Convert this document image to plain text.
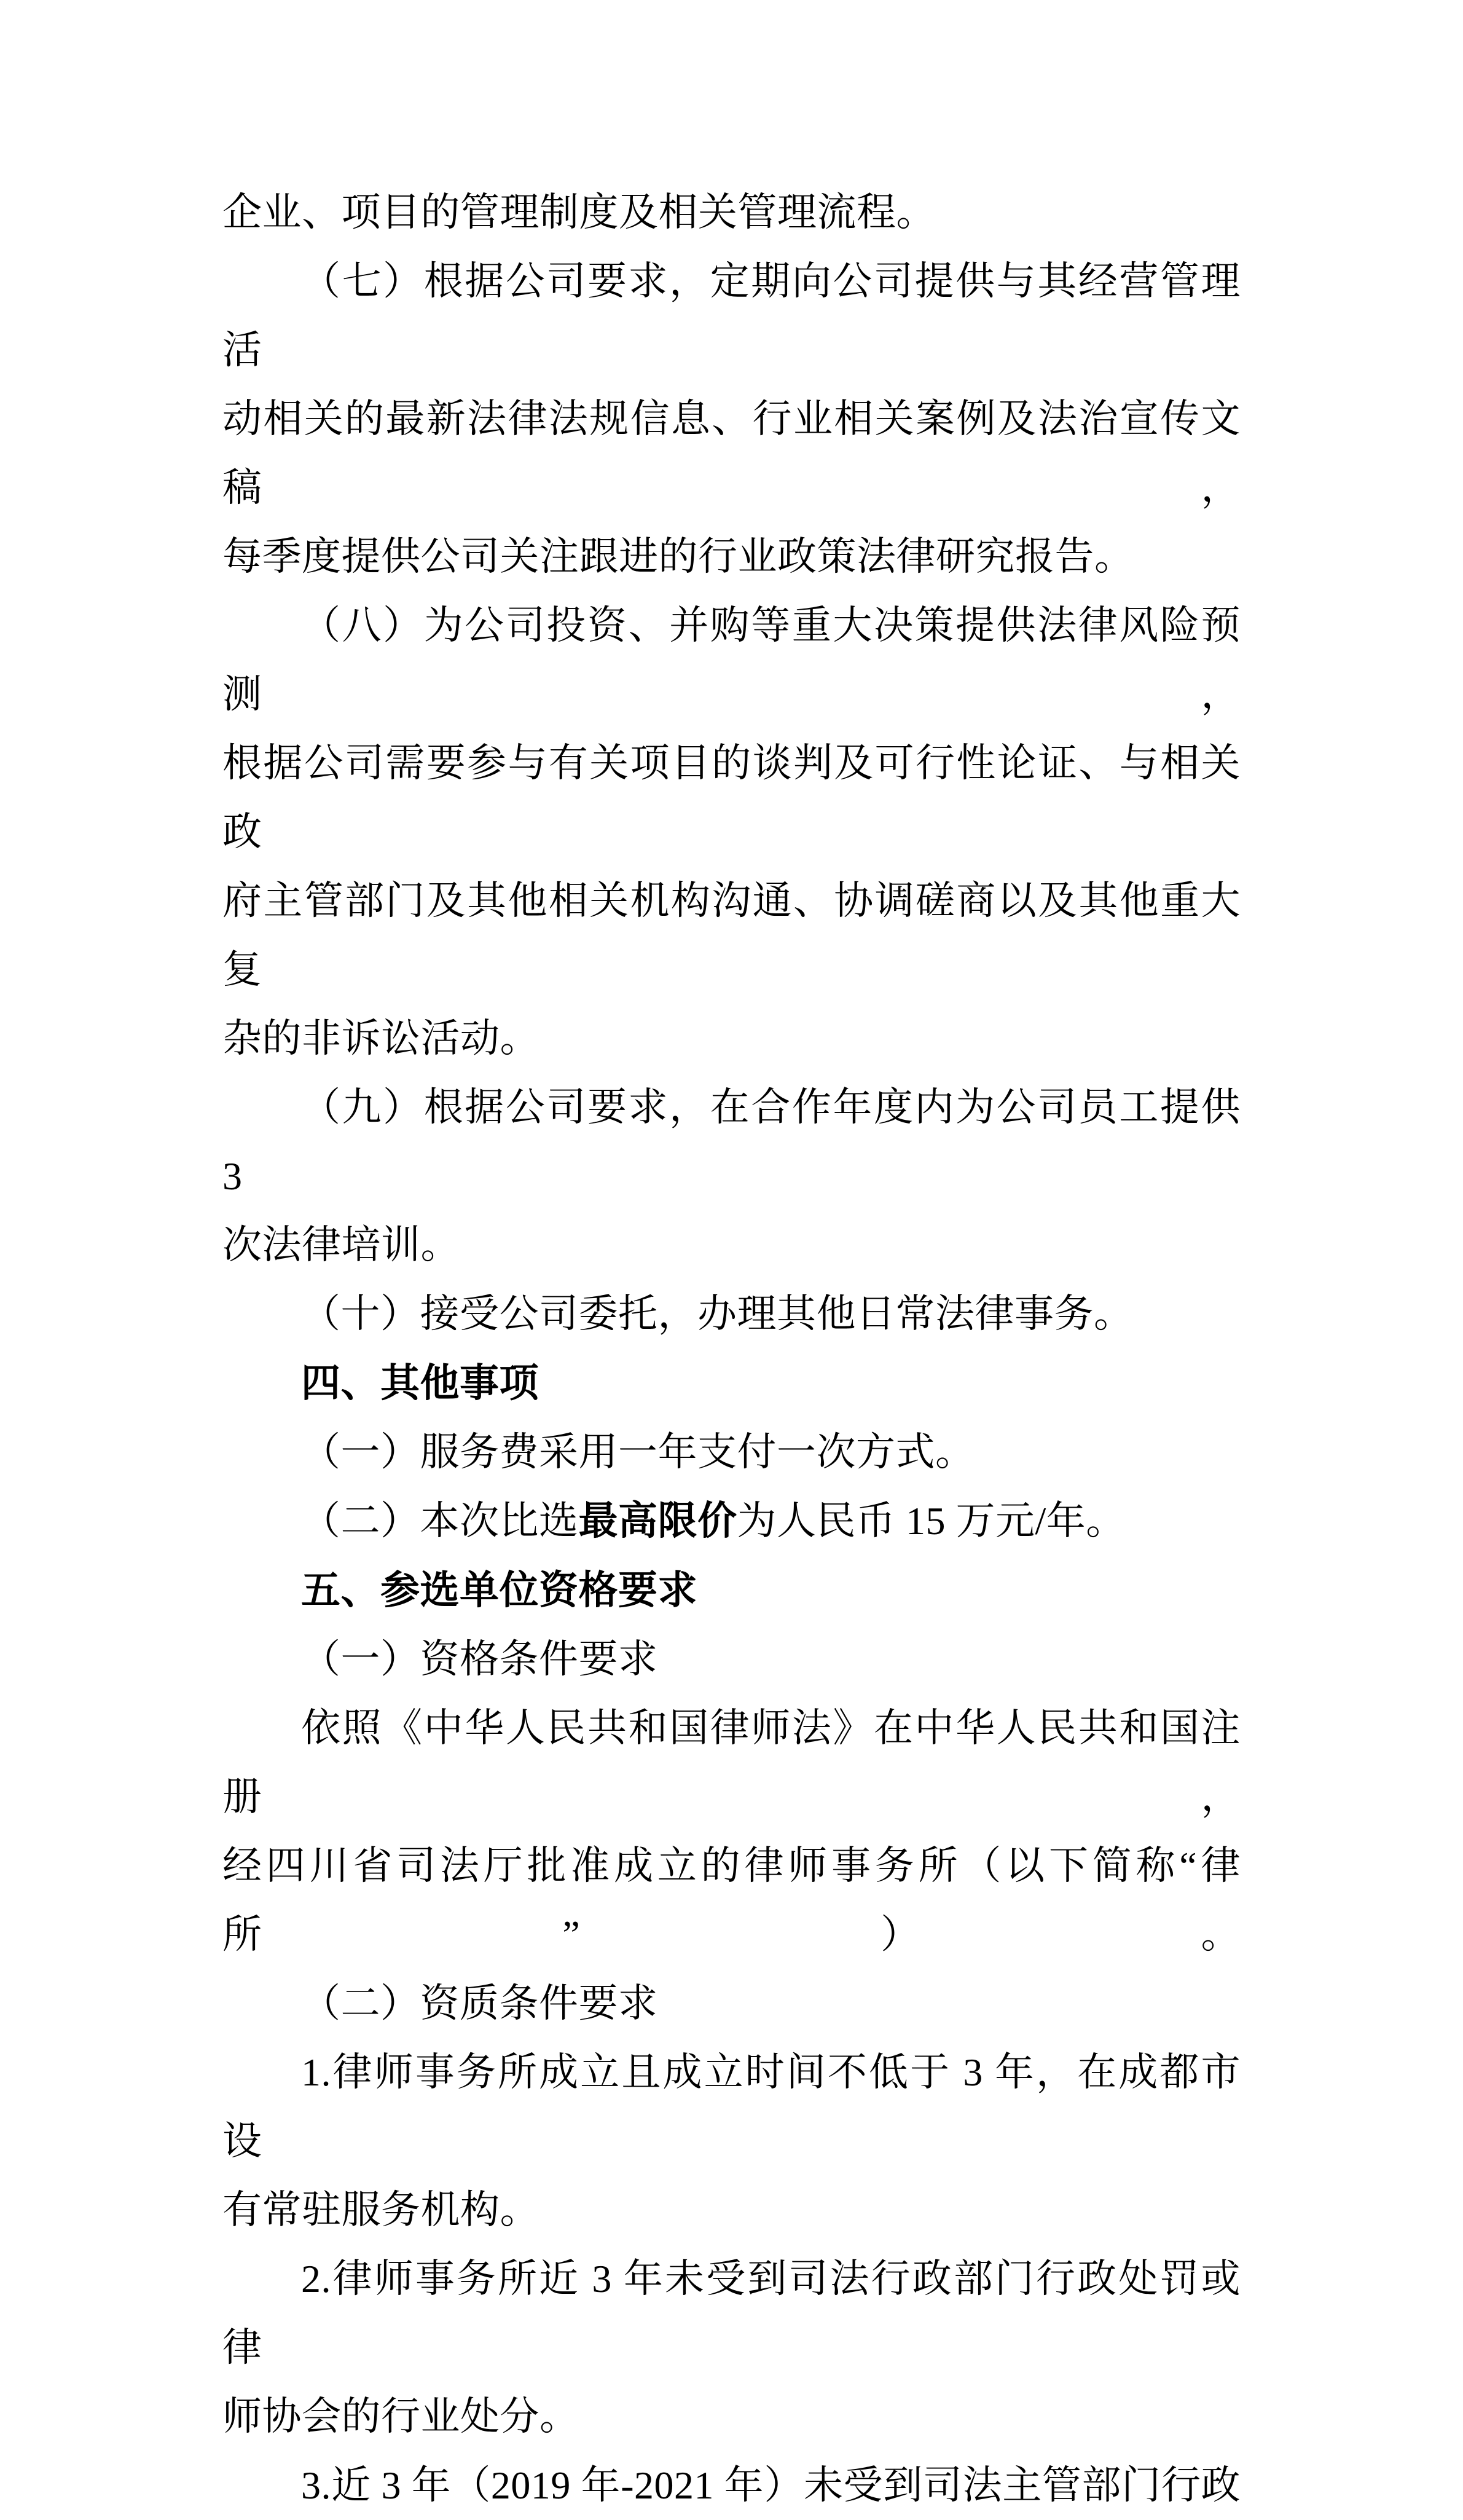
企业、项目的管理制度及相关管理流程。
（七）根据公司要求，定期向公司提供与其经营管理活
动相关的最新法律法规信息、行业相关案例及法治宣传文稿，
每季度提供公司关注跟进的行业政策法律研究报告。
（八）为公司投资、并购等重大决策提供法律风险预测，
根据公司需要参与有关项目的谈判及可行性论证、与相关政
府主管部门及其他相关机构沟通、协调磋商以及其他重大复
杂的非诉讼活动。
（九）根据公司要求，在合作年度内为公司员工提供 3
次法律培训。
（十）接受公司委托，办理其他日常法律事务。
四、其他事项
（一）服务费采用一年支付一次方式。
（二）本次比选最高限价为人民币 15 万元/年。
五、参选单位资格要求
（一）资格条件要求
依照《中华人民共和国律师法》在中华人民共和国注册，
经四川省司法厅批准成立的律师事务所（以下简称“律所”）。
（二）资质条件要求
1.律师事务所成立且成立时间不低于 3 年，在成都市设
有常驻服务机构。
2.律师事务所近 3 年未受到司法行政部门行政处罚或律
师协会的行业处分。
3.近 3 年（2019 年-2021 年）未受到司法主管部门行政
